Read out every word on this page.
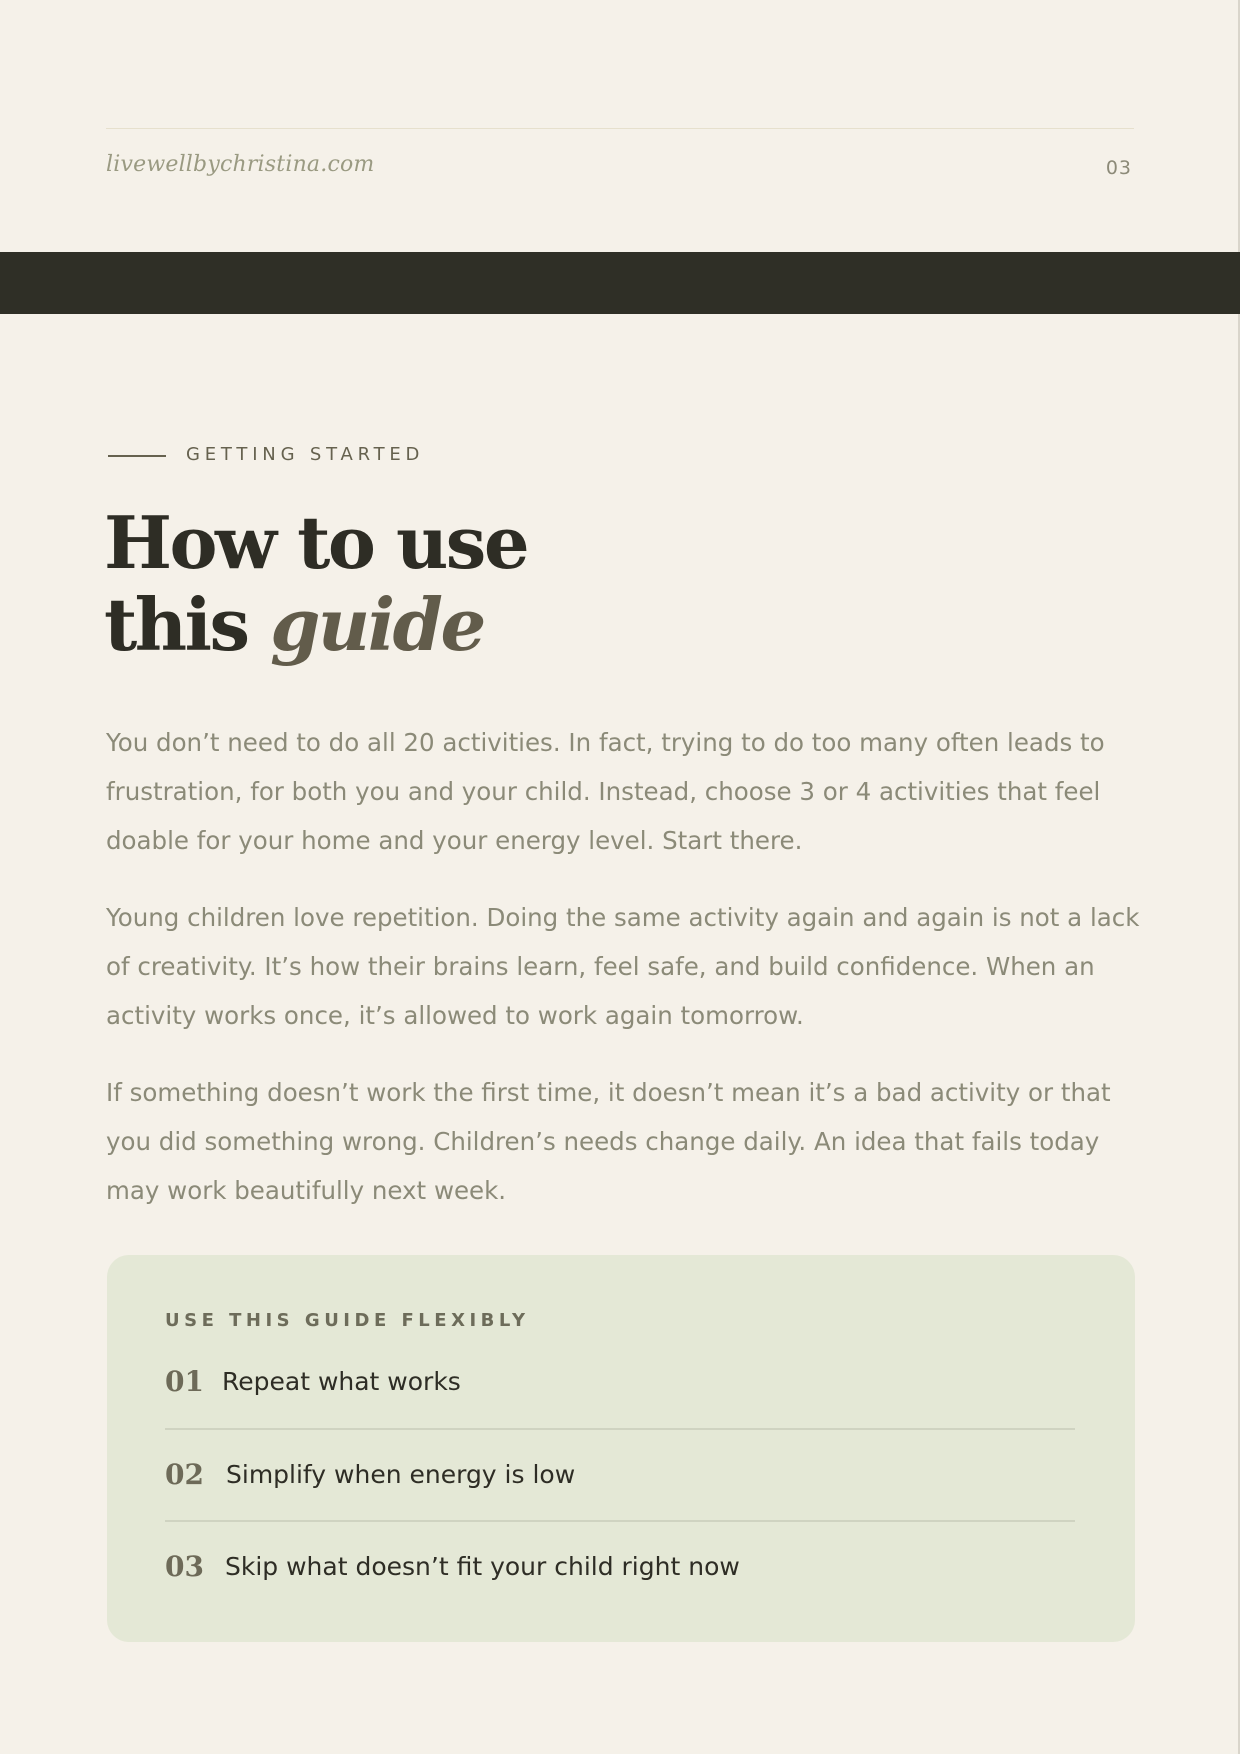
livewellbychristina.com	03
GETTING STARTED
How to use
this guide

You don’t need to do all 20 activities. In fact, trying to do too many often leads to frustration, for both you and your child. Instead, choose 3 or 4 activities that feel doable for your home and your energy level. Start there.

Young children love repetition. Doing the same activity again and again is not a lack of creativity. It’s how their brains learn, feel safe, and build confidence. When an activity works once, it’s allowed to work again tomorrow.

If something doesn’t work the first time, it doesn’t mean it’s a bad activity or that you did something wrong. Children’s needs change daily. An idea that fails today may work beautifully next week.

USE THIS GUIDE FLEXIBLY
01 Repeat what works
02 Simplify when energy is low
03 Skip what doesn’t fit your child right now
